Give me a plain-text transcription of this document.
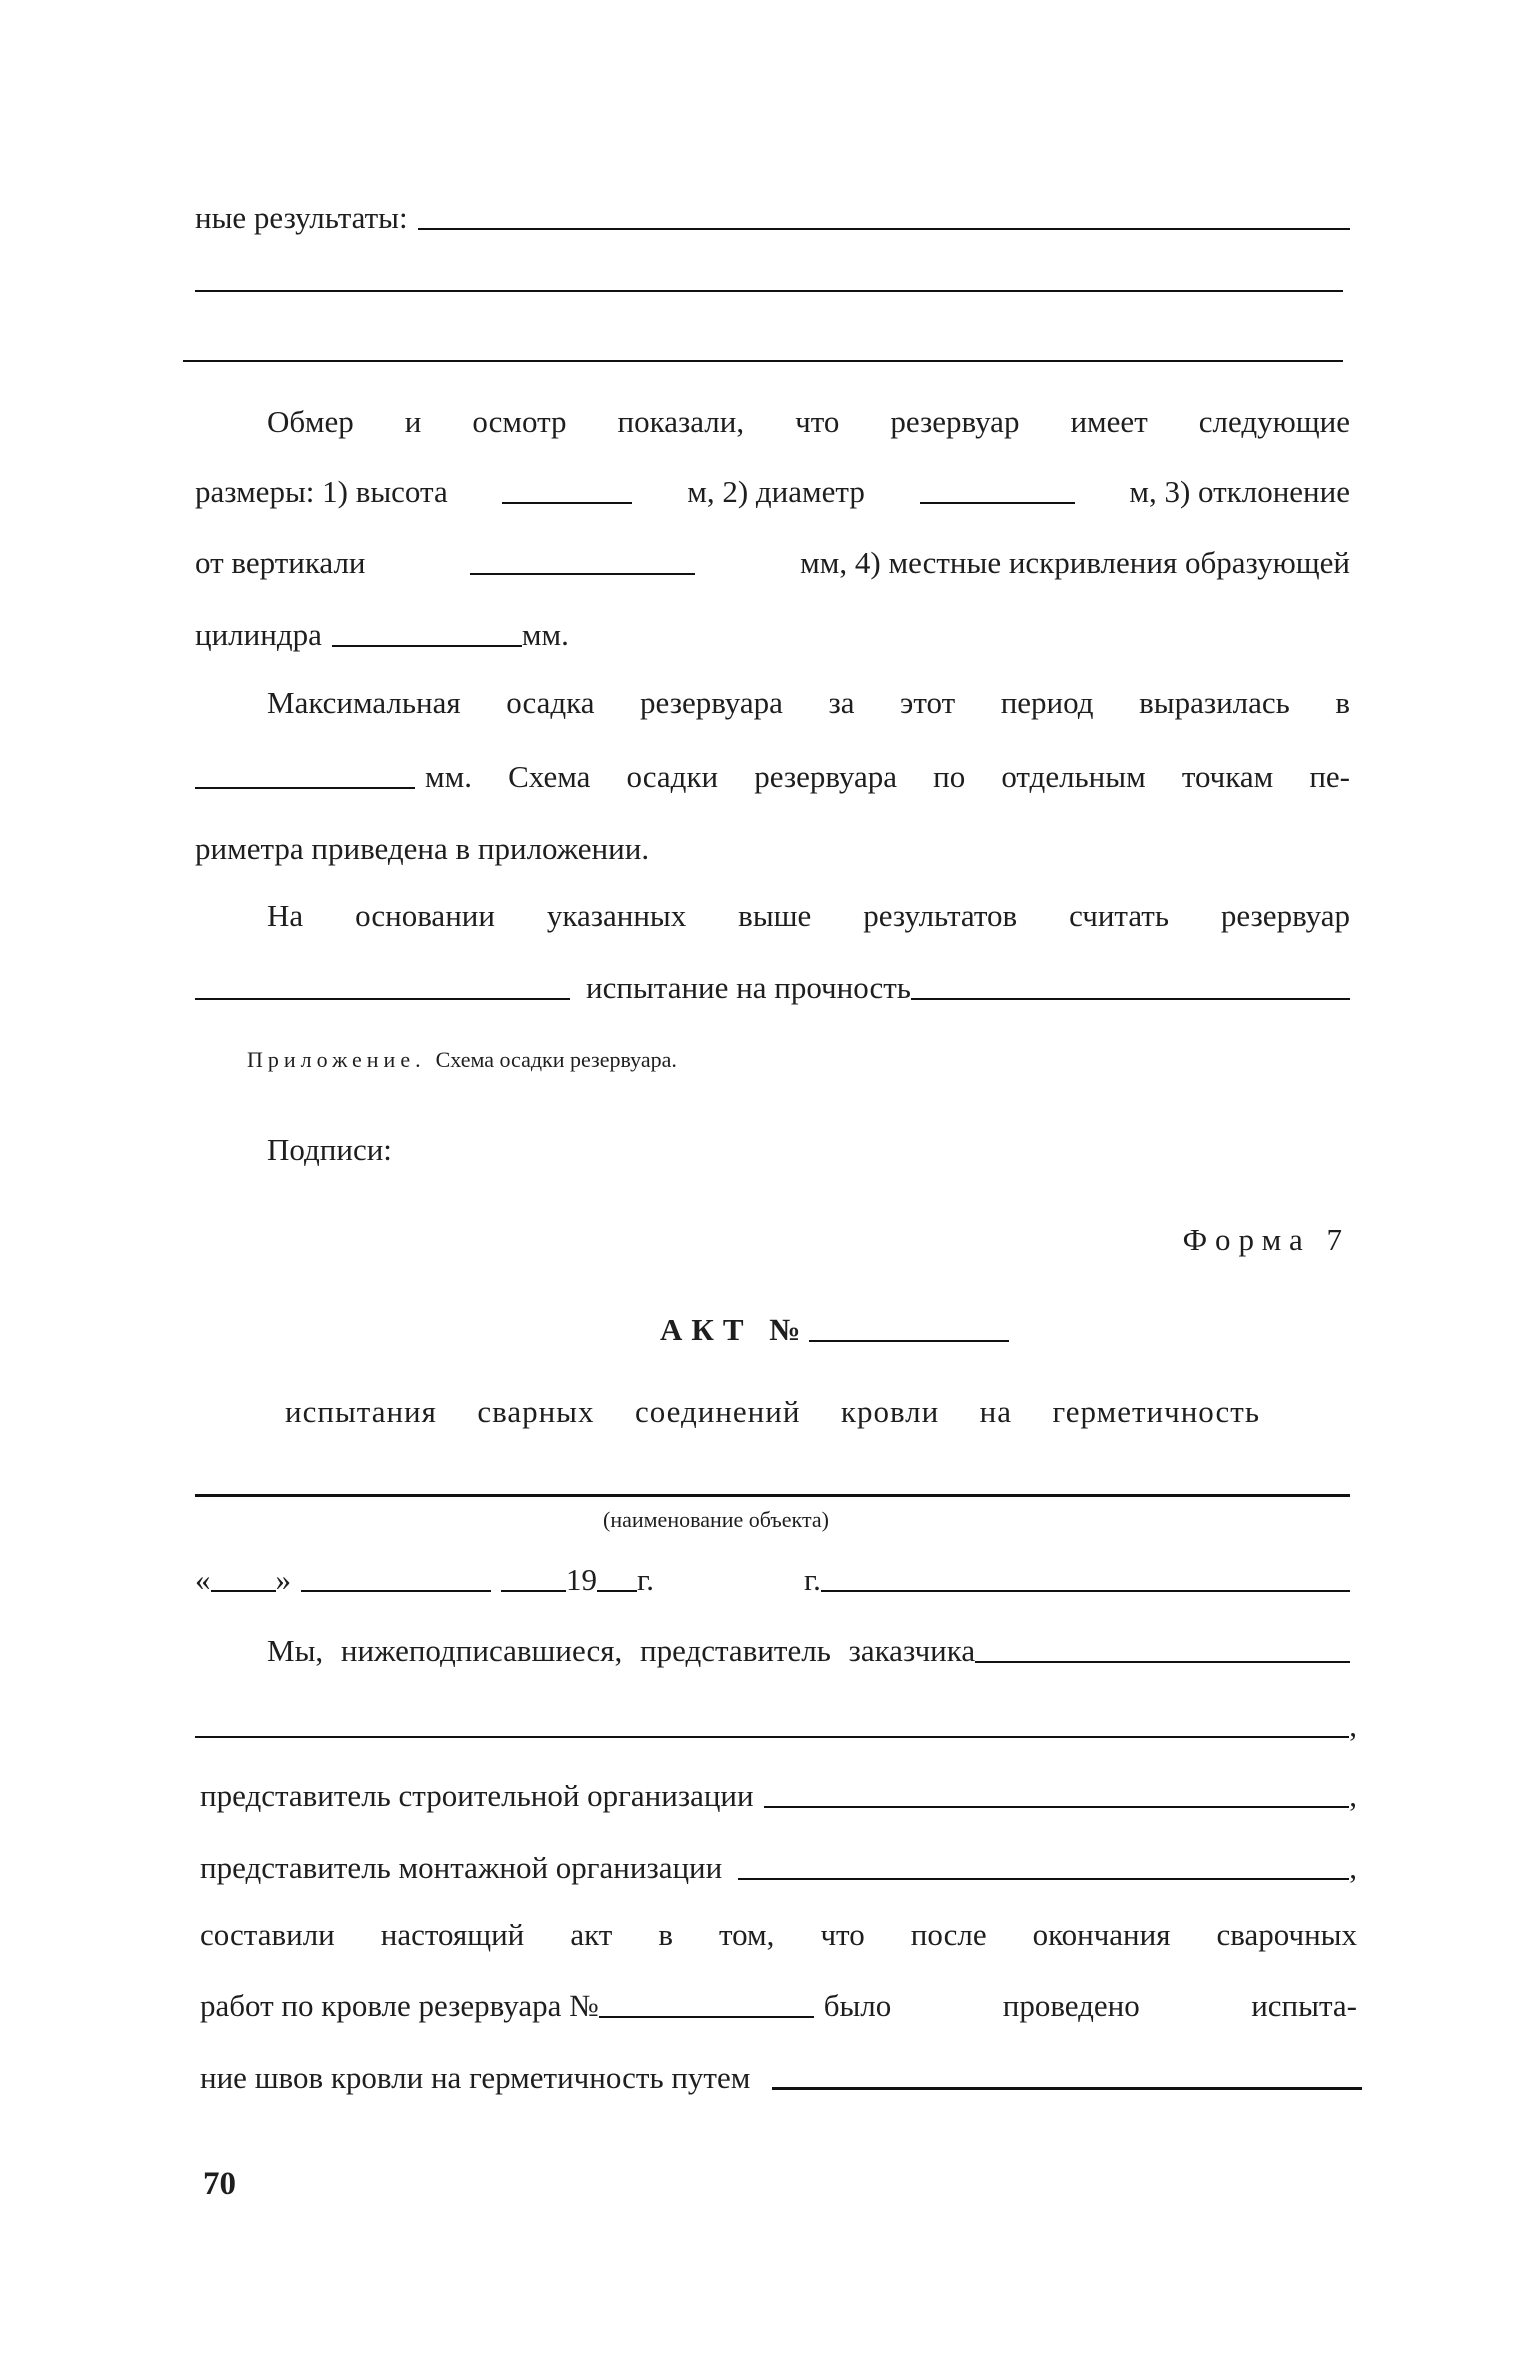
ные результаты:
Обмер и осмотр показали, что резервуар имеет следующие
размеры: 1) высота	м, 2) диаметр	м, 3) отклонение
от вертикали	мм, 4) местные искривления образующей
цилиндра	мм.
Максимальная осадка резервуара за этот период выразилась в
мм. Схема осадки резервуара по отдельным точкам пе-
риметра приведена в приложении.
На основании указанных выше результатов считать резервуар
испытание на прочность
Приложение. Схема осадки резервуара.
Подписи:
Форма 7
АКТ №
испытания сварных соединений кровли на герметичность
(наименование объекта)
« »	19 г.	г.
Мы, нижеподписавшиеся, представитель заказчика
,
представитель строительной организации	,
представитель монтажной организации	,
составили настоящий акт в том, что после окончания сварочных
работ по кровле резервуара №	было проведено испыта-
ние швов кровли на герметичность путем
70
